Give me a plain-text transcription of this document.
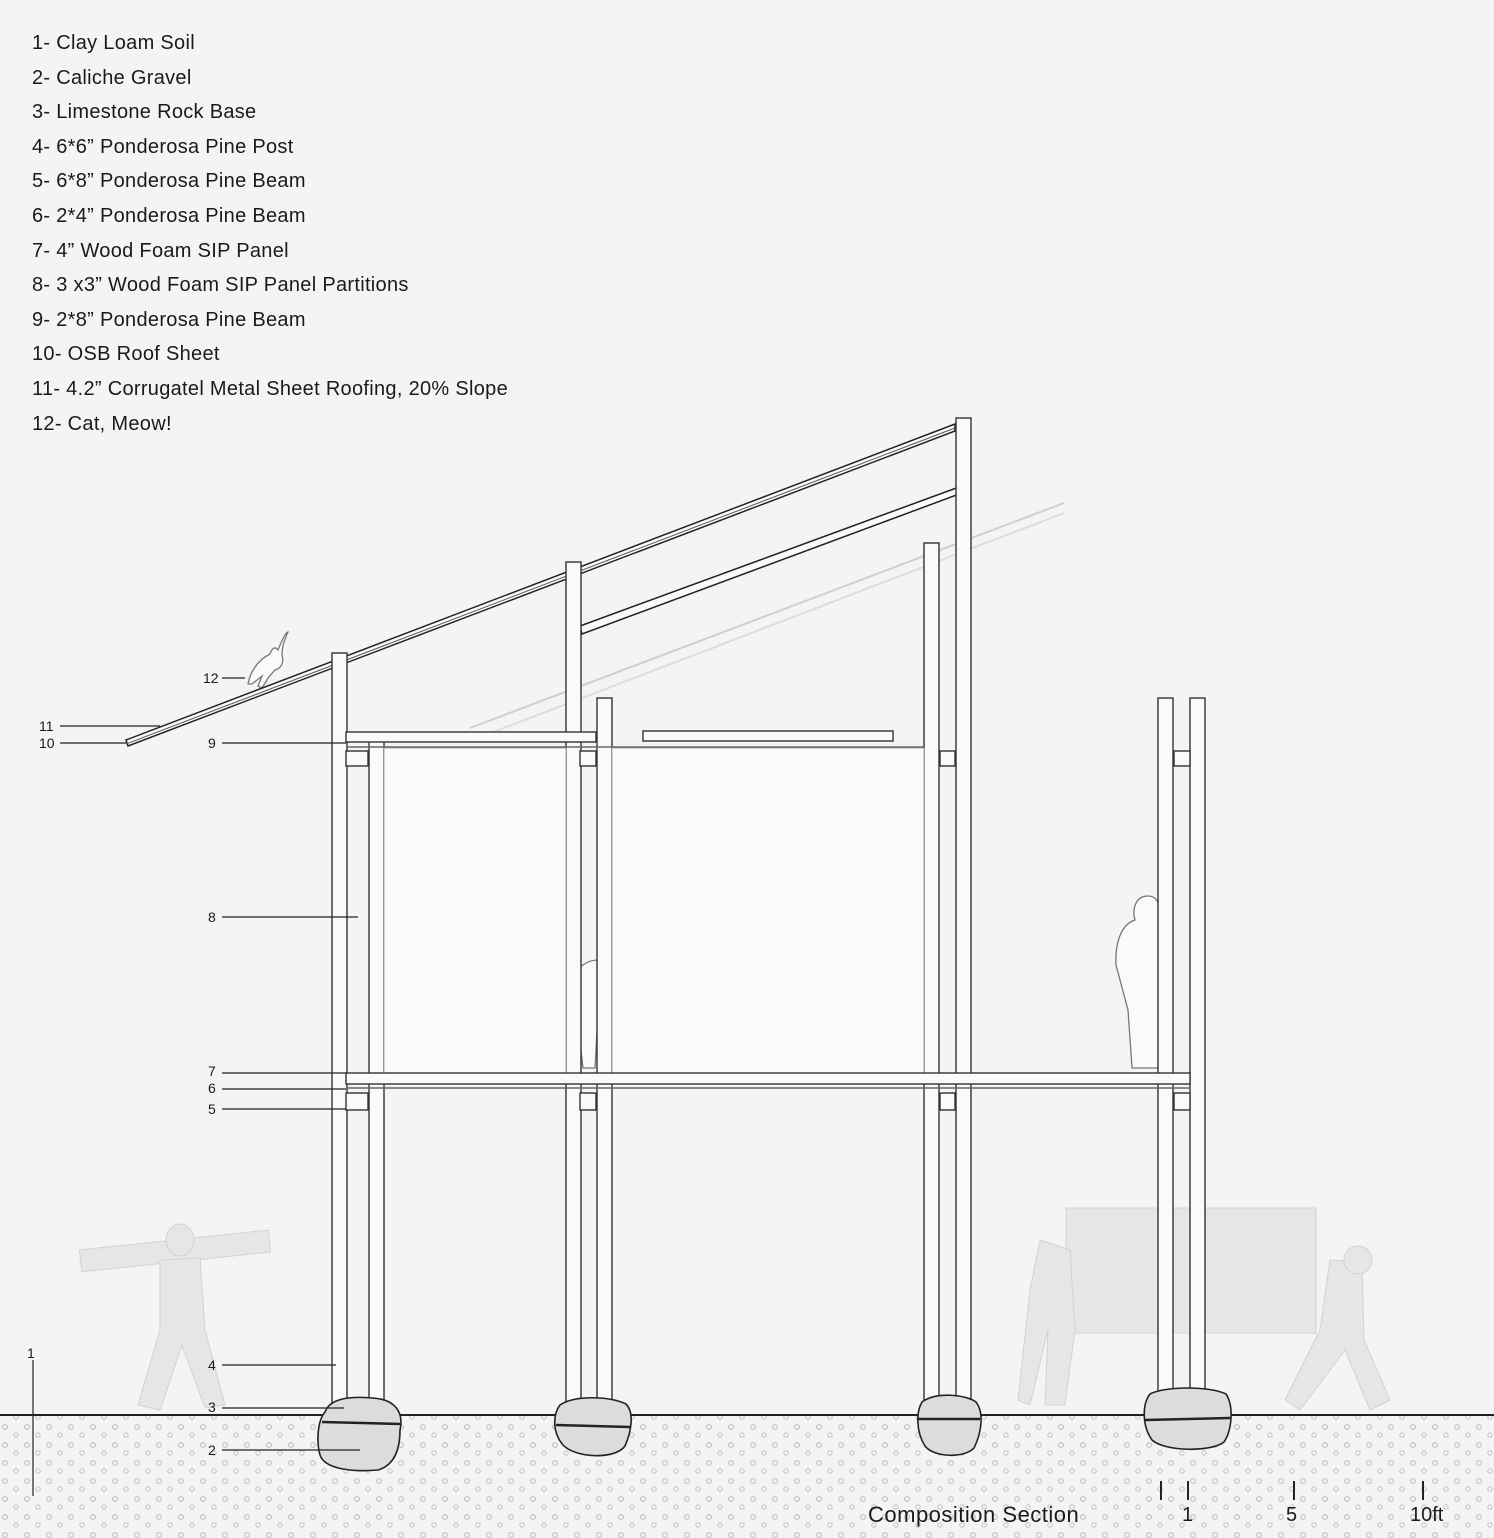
1- Clay Loam Soil
2- Caliche Gravel
3- Limestone Rock Base
4- 6*6” Ponderosa Pine Post
5- 6*8” Ponderosa Pine Beam
6- 2*4” Ponderosa Pine Beam
7- 4” Wood Foam SIP Panel
8- 3 x3” Wood Foam SIP Panel Partitions
9- 2*8” Ponderosa Pine Beam
10- OSB Roof Sheet
11- 4.2” Corrugatel Metal Sheet Roofing, 20% Slope
12- Cat, Meow!
12
11
10	9
8
7
6
5
4
3
2
1
Composition Section	1	5	10ft
